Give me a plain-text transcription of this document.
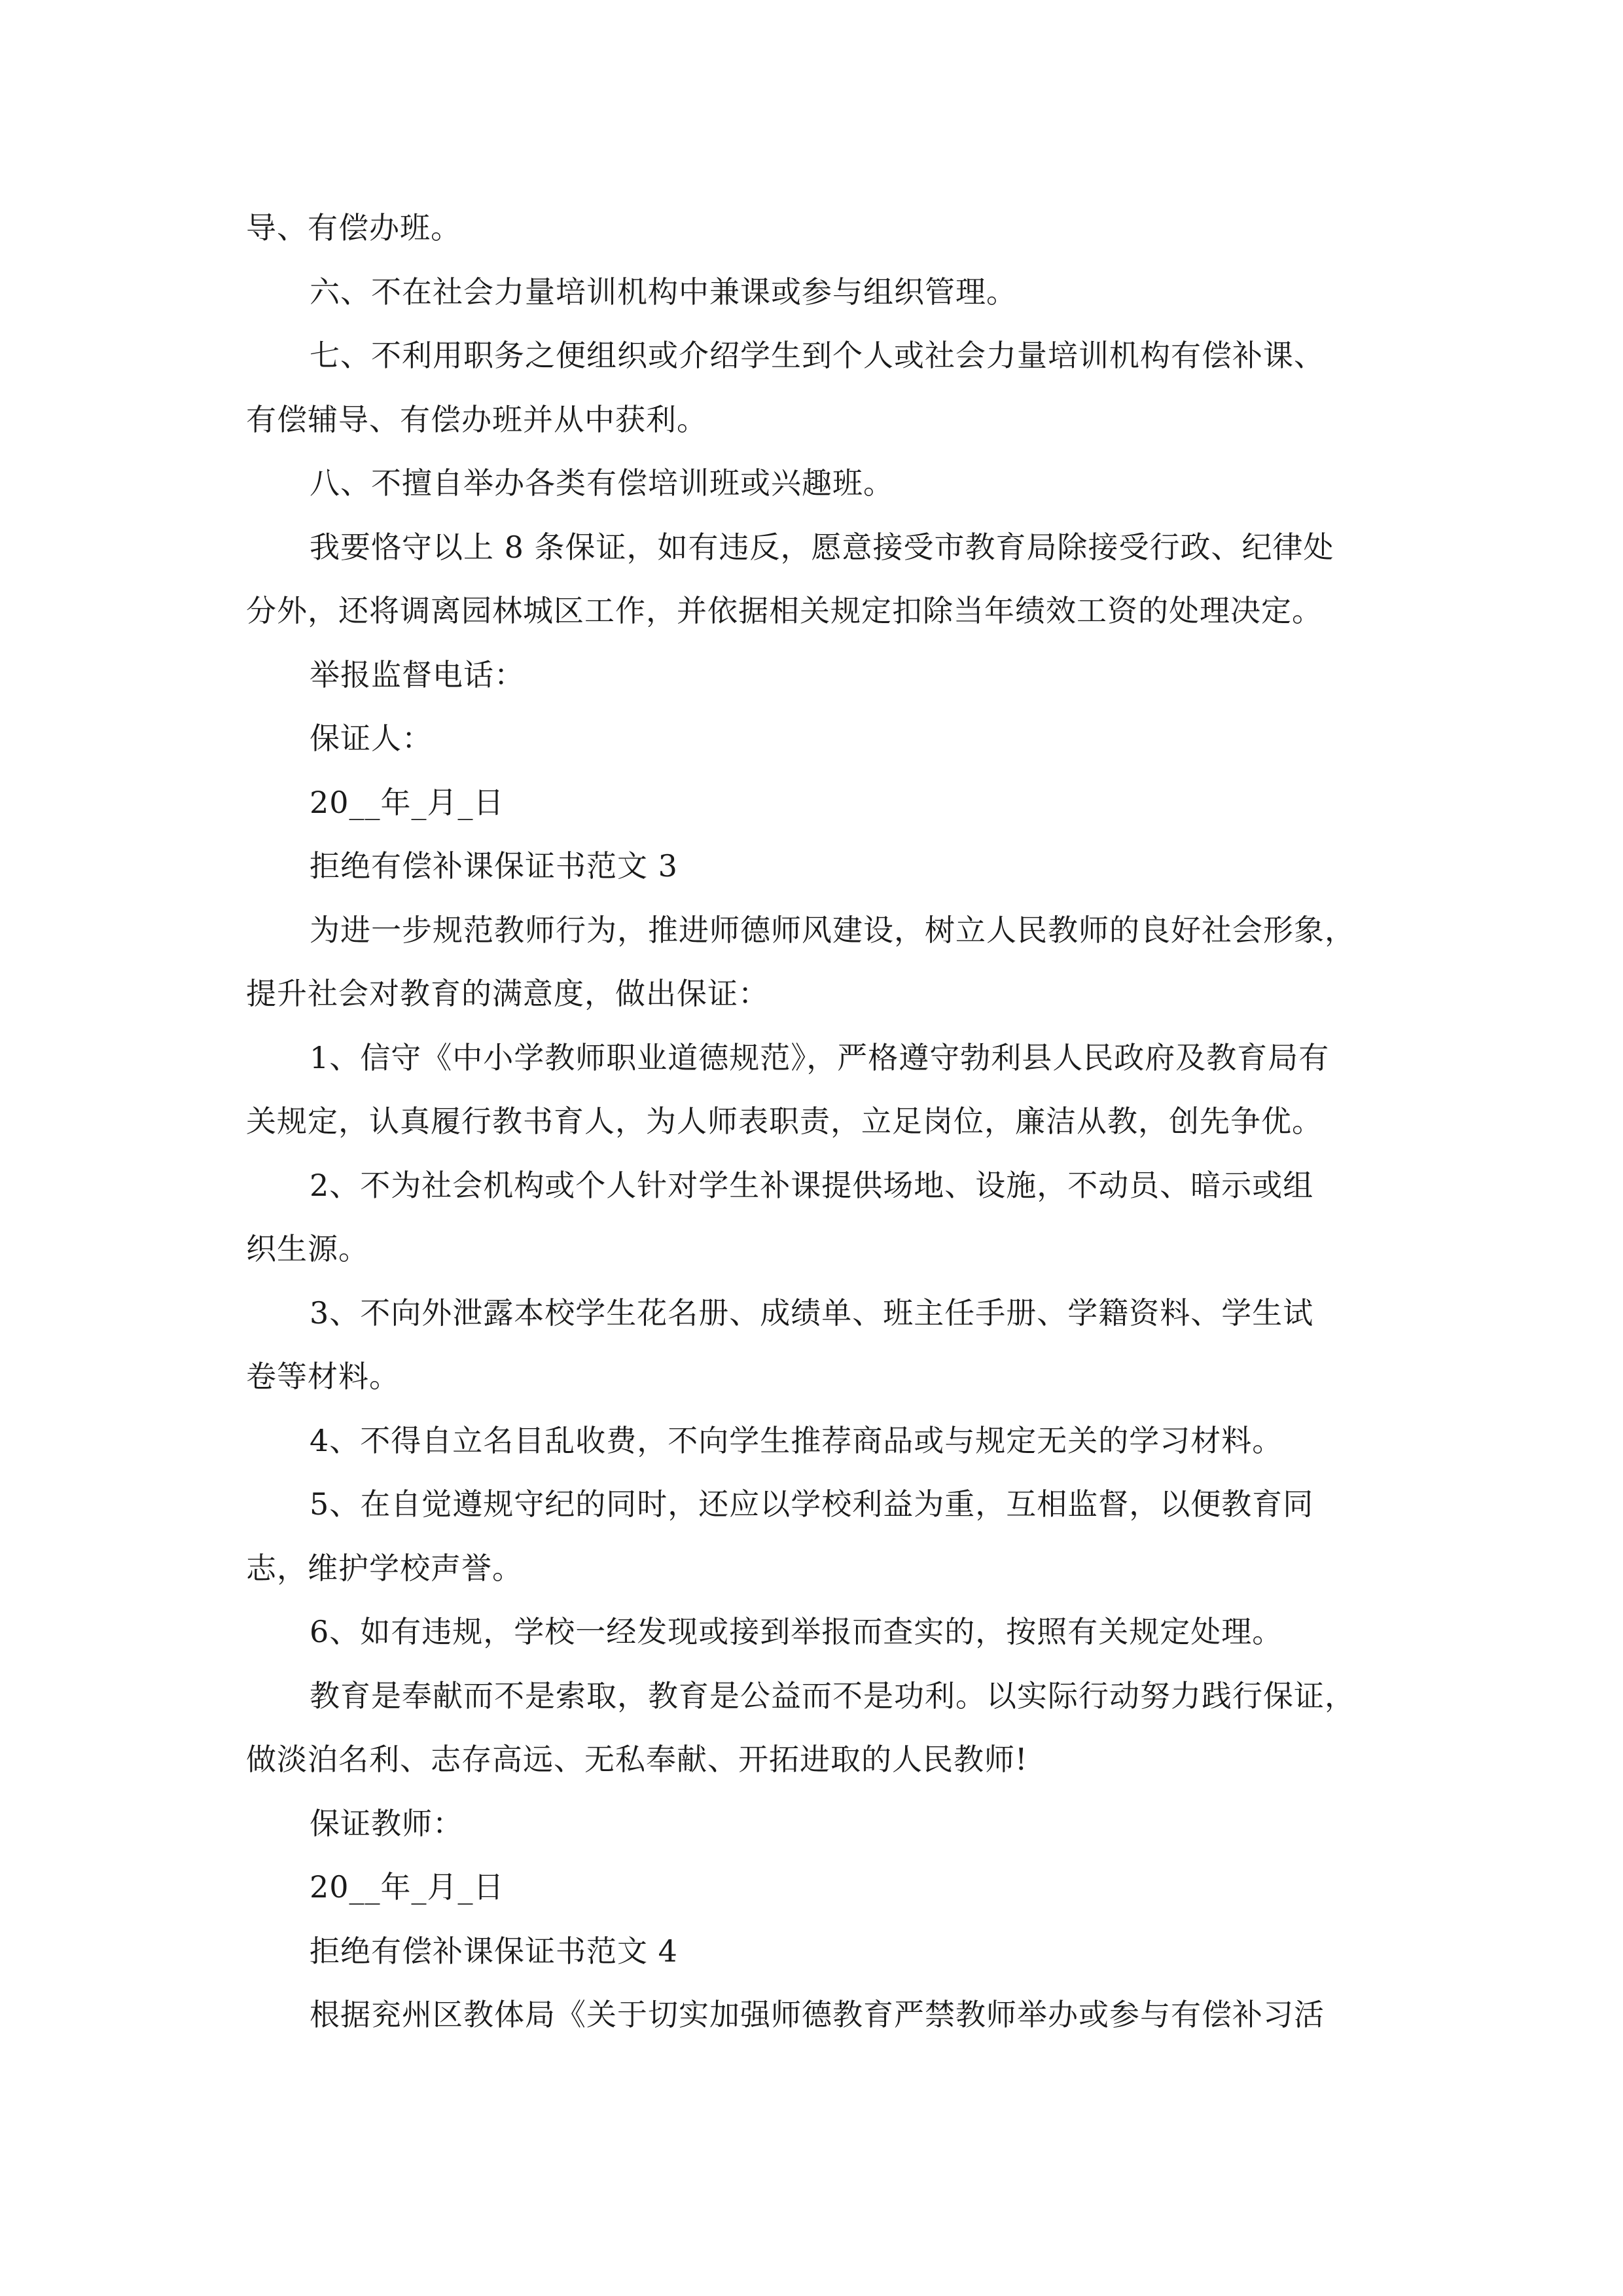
导、有偿办班。
六、不在社会力量培训机构中兼课或参与组织管理。
七、不利用职务之便组织或介绍学生到个人或社会力量培训机构有偿补课、
有偿辅导、有偿办班并从中获利。
八、不擅自举办各类有偿培训班或兴趣班。
我要恪守以上 8 条保证，如有违反，愿意接受市教育局除接受行政、纪律处
分外，还将调离园林城区工作，并依据相关规定扣除当年绩效工资的处理决定。
举报监督电话：
保证人：
20__年_月_日
拒绝有偿补课保证书范文 3
为进一步规范教师行为，推进师德师风建设，树立人民教师的良好社会形象，
提升社会对教育的满意度，做出保证：
1、信守《中小学教师职业道德规范》，严格遵守勃利县人民政府及教育局有
关规定，认真履行教书育人，为人师表职责，立足岗位，廉洁从教，创先争优。
2、不为社会机构或个人针对学生补课提供场地、设施，不动员、暗示或组
织生源。
3、不向外泄露本校学生花名册、成绩单、班主任手册、学籍资料、学生试
卷等材料。
4、不得自立名目乱收费，不向学生推荐商品或与规定无关的学习材料。
5、在自觉遵规守纪的同时，还应以学校利益为重，互相监督，以便教育同
志，维护学校声誉。
6、如有违规，学校一经发现或接到举报而查实的，按照有关规定处理。
教育是奉献而不是索取，教育是公益而不是功利。以实际行动努力践行保证，
做淡泊名利、志存高远、无私奉献、开拓进取的人民教师!
保证教师：
20__年_月_日
拒绝有偿补课保证书范文 4
根据兖州区教体局《关于切实加强师德教育严禁教师举办或参与有偿补习活
